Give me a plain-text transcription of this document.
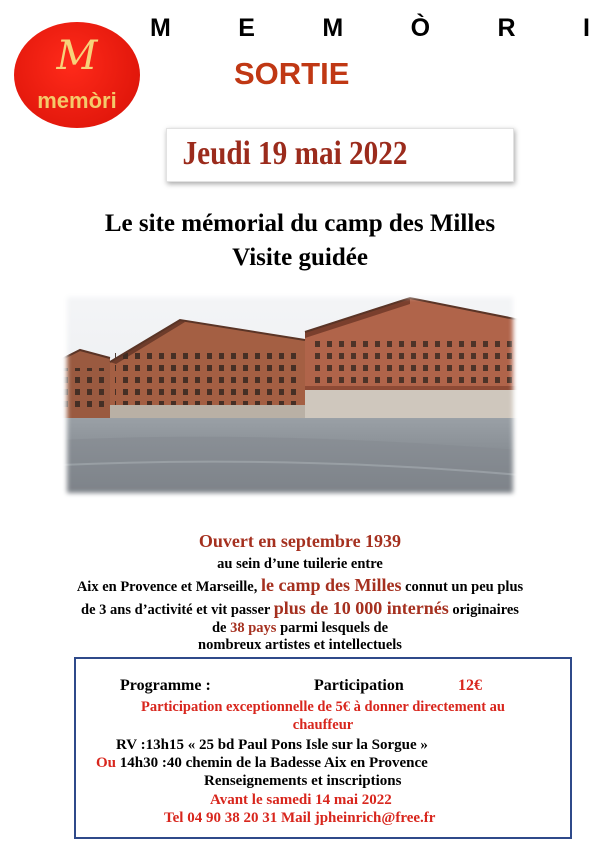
M
memòri
M	E	M	Ò	R	I
SORTIE
Jeudi 19 mai 2022
Le site mémorial du camp des Milles
Visite guidée
Ouvert en septembre 1939
au sein d’une tuilerie entre
Aix en Provence et Marseille, le camp des Milles connut un peu plus
de 3 ans d’activité et vit passer plus de 10 000 internés originaires
de 38 pays parmi lesquels de
nombreux artistes et intellectuels
Programme :	Participation	12€
Participation exceptionnelle de 5€ à donner directement au
chauffeur
RV :13h15 « 25 bd Paul Pons Isle sur la Sorgue »
Ou 14h30 :40 chemin de la Badesse Aix en Provence
Renseignements et inscriptions
Avant le samedi 14 mai 2022
Tel 04 90 38 20 31 Mail jpheinrich@free.fr
